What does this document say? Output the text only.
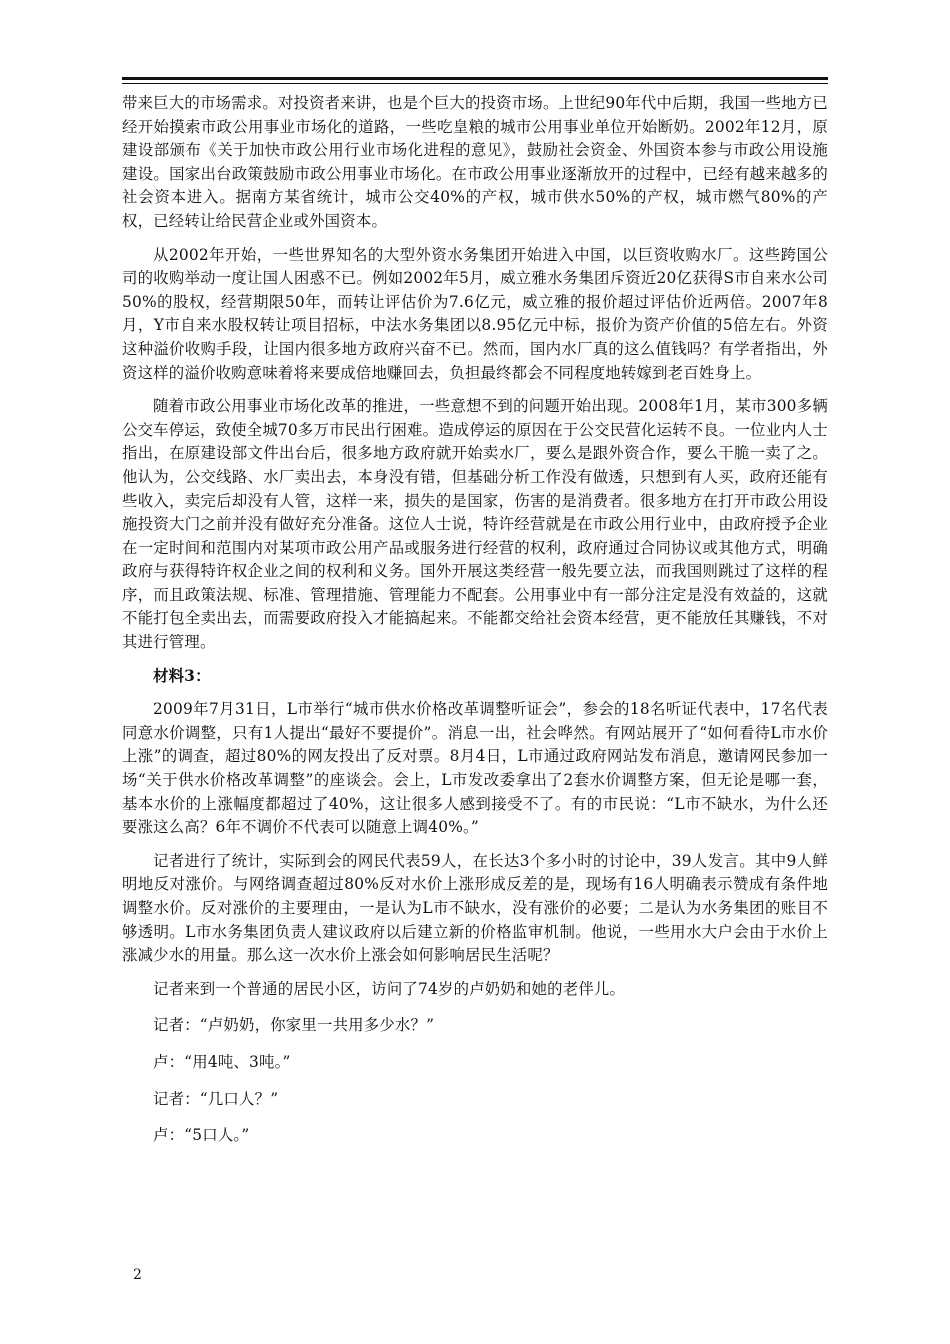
带来巨大的市场需求。对投资者来讲，也是个巨大的投资市场。上世纪90年代中后期，我国一些地方已经开始摸索市政公用事业市场化的道路，一些吃皇粮的城市公用事业单位开始断奶。2002年12月，原建设部颁布《关于加快市政公用行业市场化进程的意见》，鼓励社会资金、外国资本参与市政公用设施建设。国家出台政策鼓励市政公用事业市场化。在市政公用事业逐渐放开的过程中，已经有越来越多的社会资本进入。据南方某省统计，城市公交40%的产权，城市供水50%的产权，城市燃气80%的产权，已经转让给民营企业或外国资本。

从2002年开始，一些世界知名的大型外资水务集团开始进入中国，以巨资收购水厂。这些跨国公司的收购举动一度让国人困惑不已。例如2002年5月，威立雅水务集团斥资近20亿获得S市自来水公司50%的股权，经营期限50年，而转让评估价为7.6亿元，威立雅的报价超过评估价近两倍。2007年8月，Y市自来水股权转让项目招标，中法水务集团以8.95亿元中标，报价为资产价值的5倍左右。外资这种溢价收购手段，让国内很多地方政府兴奋不已。然而，国内水厂真的这么值钱吗？有学者指出，外资这样的溢价收购意味着将来要成倍地赚回去，负担最终都会不同程度地转嫁到老百姓身上。

随着市政公用事业市场化改革的推进，一些意想不到的问题开始出现。2008年1月，某市300多辆公交车停运，致使全城70多万市民出行困难。造成停运的原因在于公交民营化运转不良。一位业内人士指出，在原建设部文件出台后，很多地方政府就开始卖水厂，要么是跟外资合作，要么干脆一卖了之。他认为，公交线路、水厂卖出去，本身没有错，但基础分析工作没有做透，只想到有人买，政府还能有些收入，卖完后却没有人管，这样一来，损失的是国家，伤害的是消费者。很多地方在打开市政公用设施投资大门之前并没有做好充分准备。这位人士说，特许经营就是在市政公用行业中，由政府授予企业在一定时间和范围内对某项市政公用产品或服务进行经营的权利，政府通过合同协议或其他方式，明确政府与获得特许权企业之间的权利和义务。国外开展这类经营一般先要立法，而我国则跳过了这样的程序，而且政策法规、标准、管理措施、管理能力不配套。公用事业中有一部分注定是没有效益的，这就不能打包全卖出去，而需要政府投入才能搞起来。不能都交给社会资本经营，更不能放任其赚钱，不对其进行管理。

材料3：

2009年7月31日，L市举行“城市供水价格改革调整听证会”，参会的18名听证代表中，17名代表同意水价调整，只有1人提出“最好不要提价”。消息一出，社会哗然。有网站展开了“如何看待L市水价上涨”的调查，超过80%的网友投出了反对票。8月4日，L市通过政府网站发布消息，邀请网民参加一场“关于供水价格改革调整”的座谈会。会上，L市发改委拿出了2套水价调整方案，但无论是哪一套，基本水价的上涨幅度都超过了40%，这让很多人感到接受不了。有的市民说：“L市不缺水，为什么还要涨这么高？6年不调价不代表可以随意上调40%。”

记者进行了统计，实际到会的网民代表59人，在长达3个多小时的讨论中，39人发言。其中9人鲜明地反对涨价。与网络调查超过80%反对水价上涨形成反差的是，现场有16人明确表示赞成有条件地调整水价。反对涨价的主要理由，一是认为L市不缺水，没有涨价的必要；二是认为水务集团的账目不够透明。L市水务集团负责人建议政府以后建立新的价格监审机制。他说，一些用水大户会由于水价上涨减少水的用量。那么这一次水价上涨会如何影响居民生活呢？

记者来到一个普通的居民小区，访问了74岁的卢奶奶和她的老伴儿。

记者：“卢奶奶，你家里一共用多少水？”

卢：“用4吨、3吨。”

记者：“几口人？”

卢：“5口人。”

2
